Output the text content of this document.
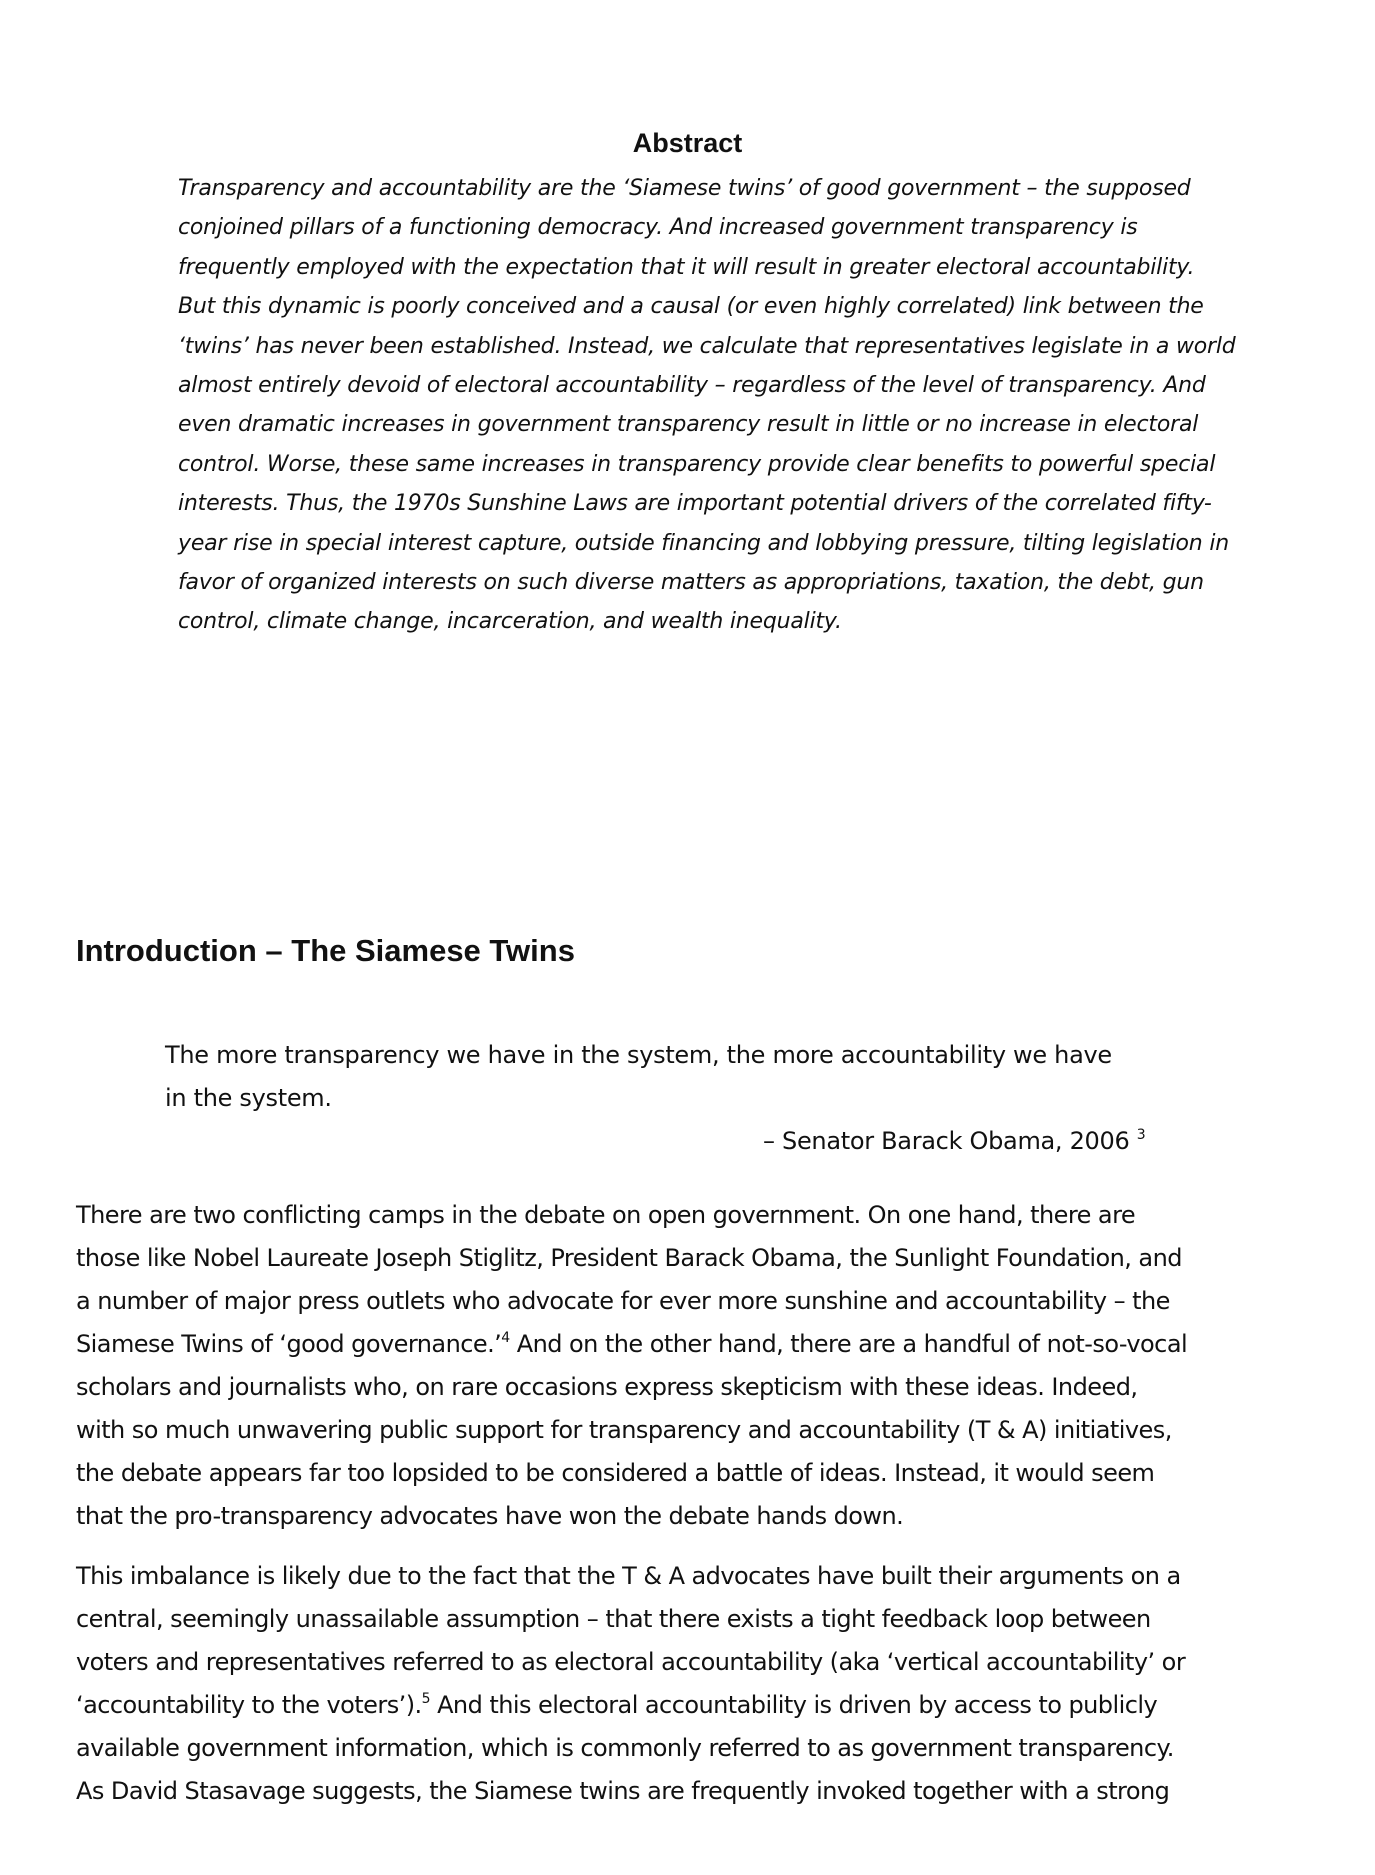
Abstract
Transparency and accountability are the ‘Siamese twins’ of good government – the supposed
conjoined pillars of a functioning democracy. And increased government transparency is
frequently employed with the expectation that it will result in greater electoral accountability.
But this dynamic is poorly conceived and a causal (or even highly correlated) link between the
‘twins’ has never been established. Instead, we calculate that representatives legislate in a world
almost entirely devoid of electoral accountability – regardless of the level of transparency. And
even dramatic increases in government transparency result in little or no increase in electoral
control. Worse, these same increases in transparency provide clear benefits to powerful special
interests. Thus, the 1970s Sunshine Laws are important potential drivers of the correlated fifty-
year rise in special interest capture, outside financing and lobbying pressure, tilting legislation in
favor of organized interests on such diverse matters as appropriations, taxation, the debt, gun
control, climate change, incarceration, and wealth inequality.
Introduction – The Siamese Twins
The more transparency we have in the system, the more accountability we have
in the system.
– Senator Barack Obama, 2006 $^3$
There are two conflicting camps in the debate on open government. On one hand, there are
those like Nobel Laureate Joseph Stiglitz, President Barack Obama, the Sunlight Foundation, and
a number of major press outlets who advocate for ever more sunshine and accountability – the
Siamese Twins of ‘good governance.’$^4$ And on the other hand, there are a handful of not-so-vocal
scholars and journalists who, on rare occasions express skepticism with these ideas. Indeed,
with so much unwavering public support for transparency and accountability (T & A) initiatives,
the debate appears far too lopsided to be considered a battle of ideas. Instead, it would seem
that the pro-transparency advocates have won the debate hands down.
This imbalance is likely due to the fact that the T & A advocates have built their arguments on a
central, seemingly unassailable assumption – that there exists a tight feedback loop between
voters and representatives referred to as electoral accountability (aka ‘vertical accountability’ or
‘accountability to the voters’).$^5$ And this electoral accountability is driven by access to publicly
available government information, which is commonly referred to as government transparency.
As David Stasavage suggests, the Siamese twins are frequently invoked together with a strong
